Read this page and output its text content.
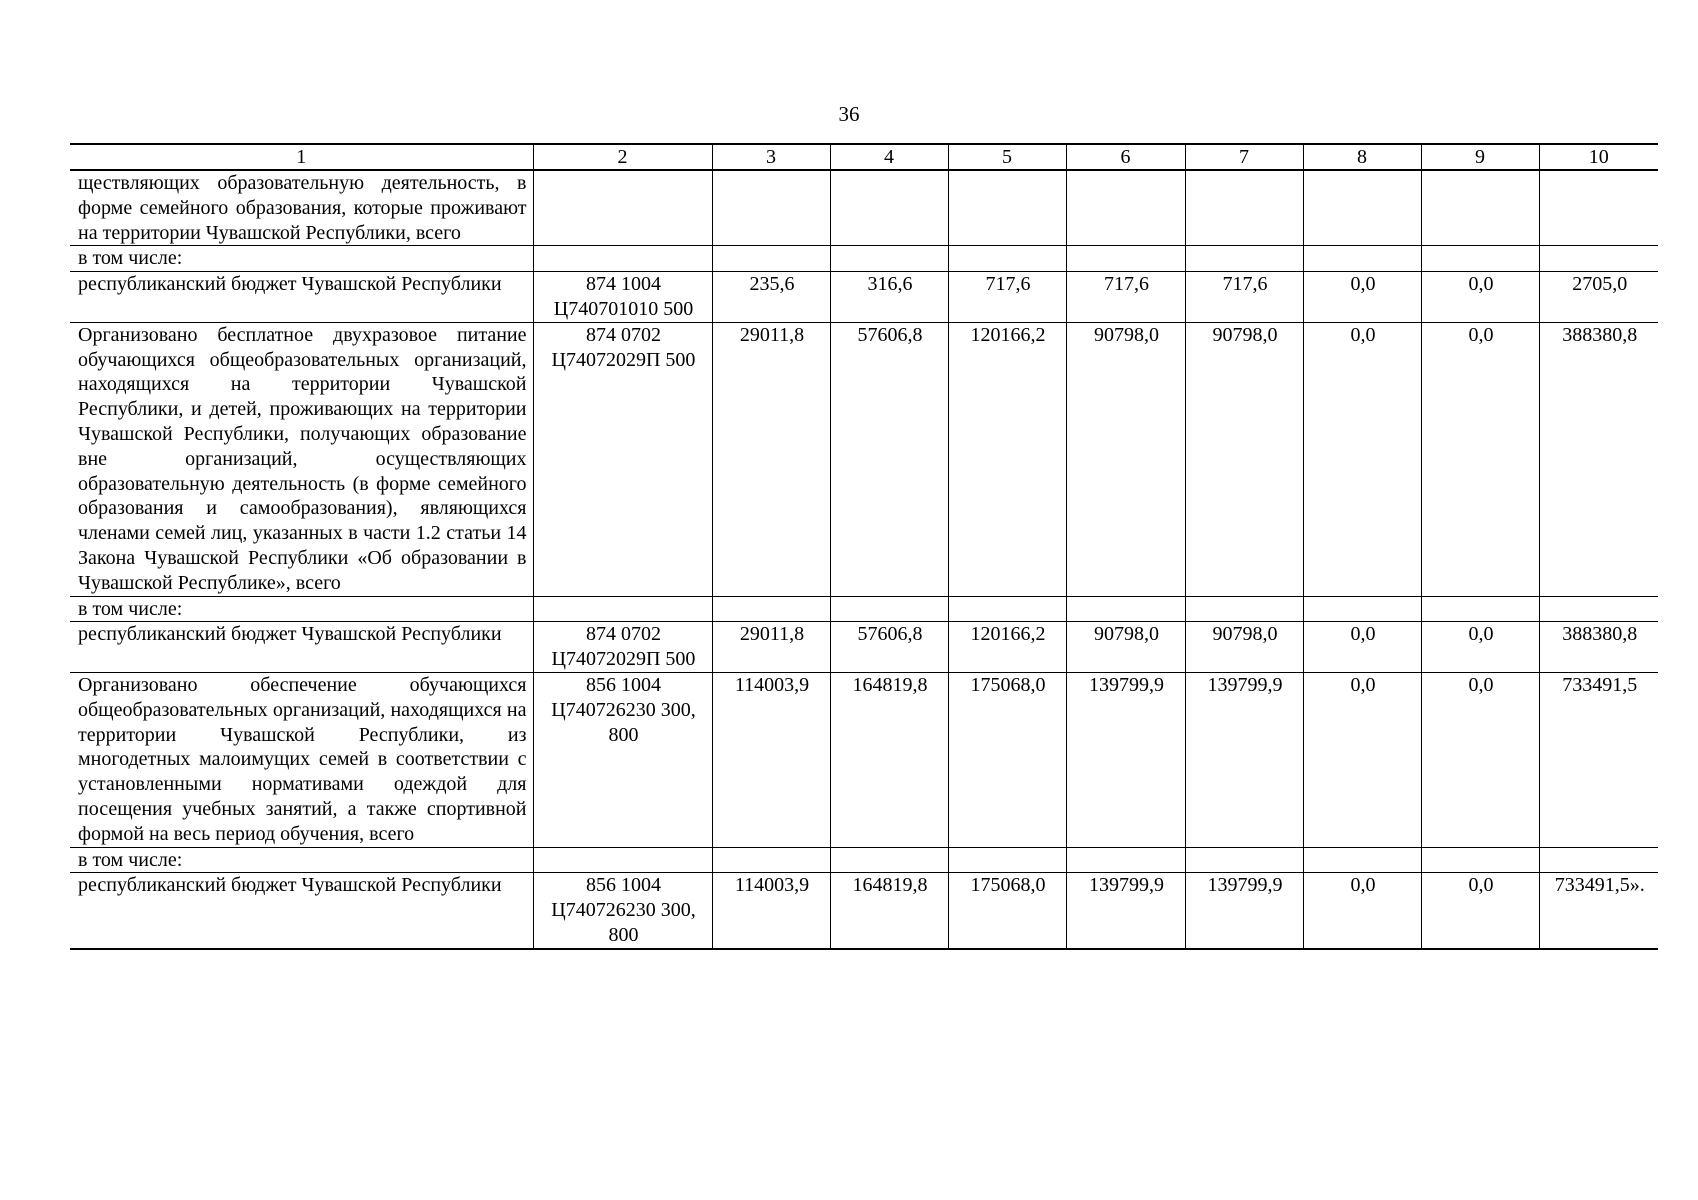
36
1	2	3	4	5	6	7	8	9	10
ществляющих образовательную деятельность, в форме семейного образования, которые проживают на территории Чувашской Республики, всего									
в том числе:									
республиканский бюджет Чувашской Республики	874 1004 Ц740701010 500	235,6	316,6	717,6	717,6	717,6	0,0	0,0	2705,0
Организовано бесплатное двухразовое питание обучающихся общеобразовательных организаций, находящихся на территории Чувашской Республики, и детей, проживающих на территории Чувашской Республики, получающих образование вне организаций, осуществляющих образовательную деятельность (в форме семейного образования и самообразования), являющихся членами семей лиц, указанных в части 1.2 статьи 14 Закона Чувашской Республики «Об образовании в Чувашской Республике», всего	874 0702 Ц74072029П 500	29011,8	57606,8	120166,2	90798,0	90798,0	0,0	0,0	388380,8
в том числе:									
республиканский бюджет Чувашской Республики	874 0702 Ц74072029П 500	29011,8	57606,8	120166,2	90798,0	90798,0	0,0	0,0	388380,8
Организовано обеспечение обучающихся общеобразовательных организаций, находящихся на территории Чувашской Республики, из многодетных малоимущих семей в соответствии с установленными нормативами одеждой для посещения учебных занятий, а также спортивной формой на весь период обучения, всего	856 1004 Ц740726230 300, 800	114003,9	164819,8	175068,0	139799,9	139799,9	0,0	0,0	733491,5
в том числе:									
республиканский бюджет Чувашской Республики	856 1004 Ц740726230 300, 800	114003,9	164819,8	175068,0	139799,9	139799,9	0,0	0,0	733491,5».
